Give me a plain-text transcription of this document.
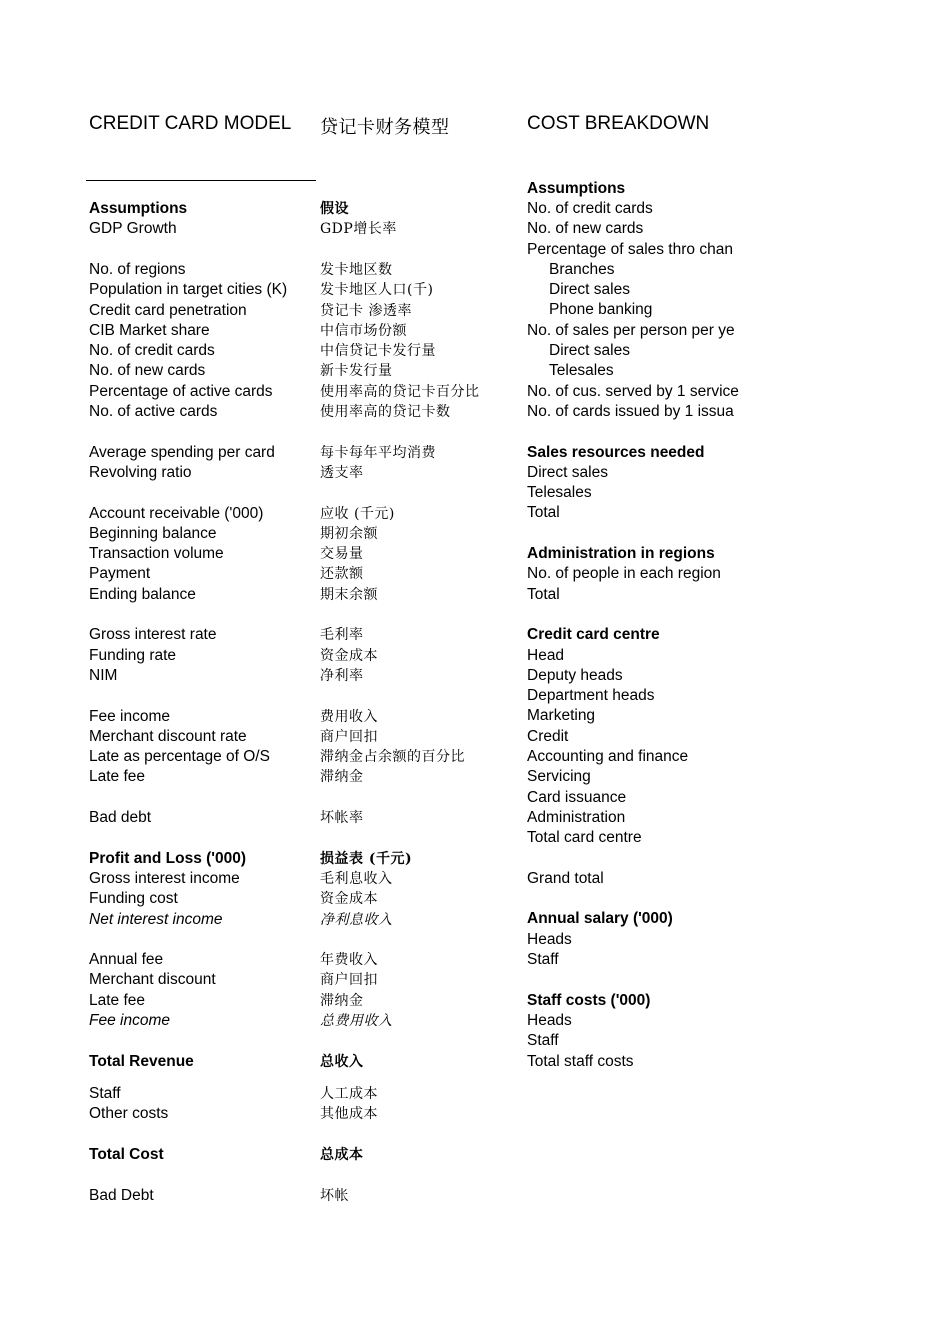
CREDIT CARD MODEL 贷记卡财务模型	COST BREAKDOWN
Assumptions
GDP Growth
No. of regions
Population in target cities (K)
Credit card penetration
CIB Market share
No. of credit cards
No. of new cards
Percentage of active cards
No. of active cards
Average spending per card
Revolving ratio
Account receivable ('000)
Beginning balance
Transaction volume
Payment
Ending balance
Gross interest rate
Funding rate
NIM
Fee income
Merchant discount rate
Late as percentage of O/S
Late fee
Bad debt
Profit and Loss ('000)
Gross interest income
Funding cost
Net interest income
Annual fee
Merchant discount
Late fee
Fee income
Total Revenue
Staff
Other costs
Total Cost
Bad Debt
假设
GDP增长率
发卡地区数
发卡地区人口(千)
贷记卡 渗透率
中信市场份额
中信贷记卡发行量
新卡发行量
使用率高的贷记卡百分比
使用率高的贷记卡数
每卡每年平均消费
透支率
应收 (千元)
期初余额
交易量
还款额
期末余额
毛利率
资金成本
净利率
费用收入
商户回扣
滞纳金占余额的百分比
滞纳金
坏帐率
损益表 (千元)
毛利息收入
资金成本
净利息收入
年费收入
商户回扣
滞纳金
总费用收入
总收入
人工成本
其他成本
总成本
坏帐
Assumptions
No. of credit cards
No. of new cards
Percentage of sales thro chan
Branches
Direct sales
Phone banking
No. of sales per person per ye
Direct sales
Telesales
No. of cus. served by 1 service
No. of cards issued by 1 issua
Sales resources needed
Direct sales
Telesales
Total
Administration in regions
No. of people in each region
Total
Credit card centre
Head
Deputy heads
Department heads
Marketing
Credit
Accounting and finance
Servicing
Card issuance
Administration
Total card centre
Grand total
Annual salary ('000)
Heads
Staff
Staff costs ('000)
Heads
Staff
Total staff costs
